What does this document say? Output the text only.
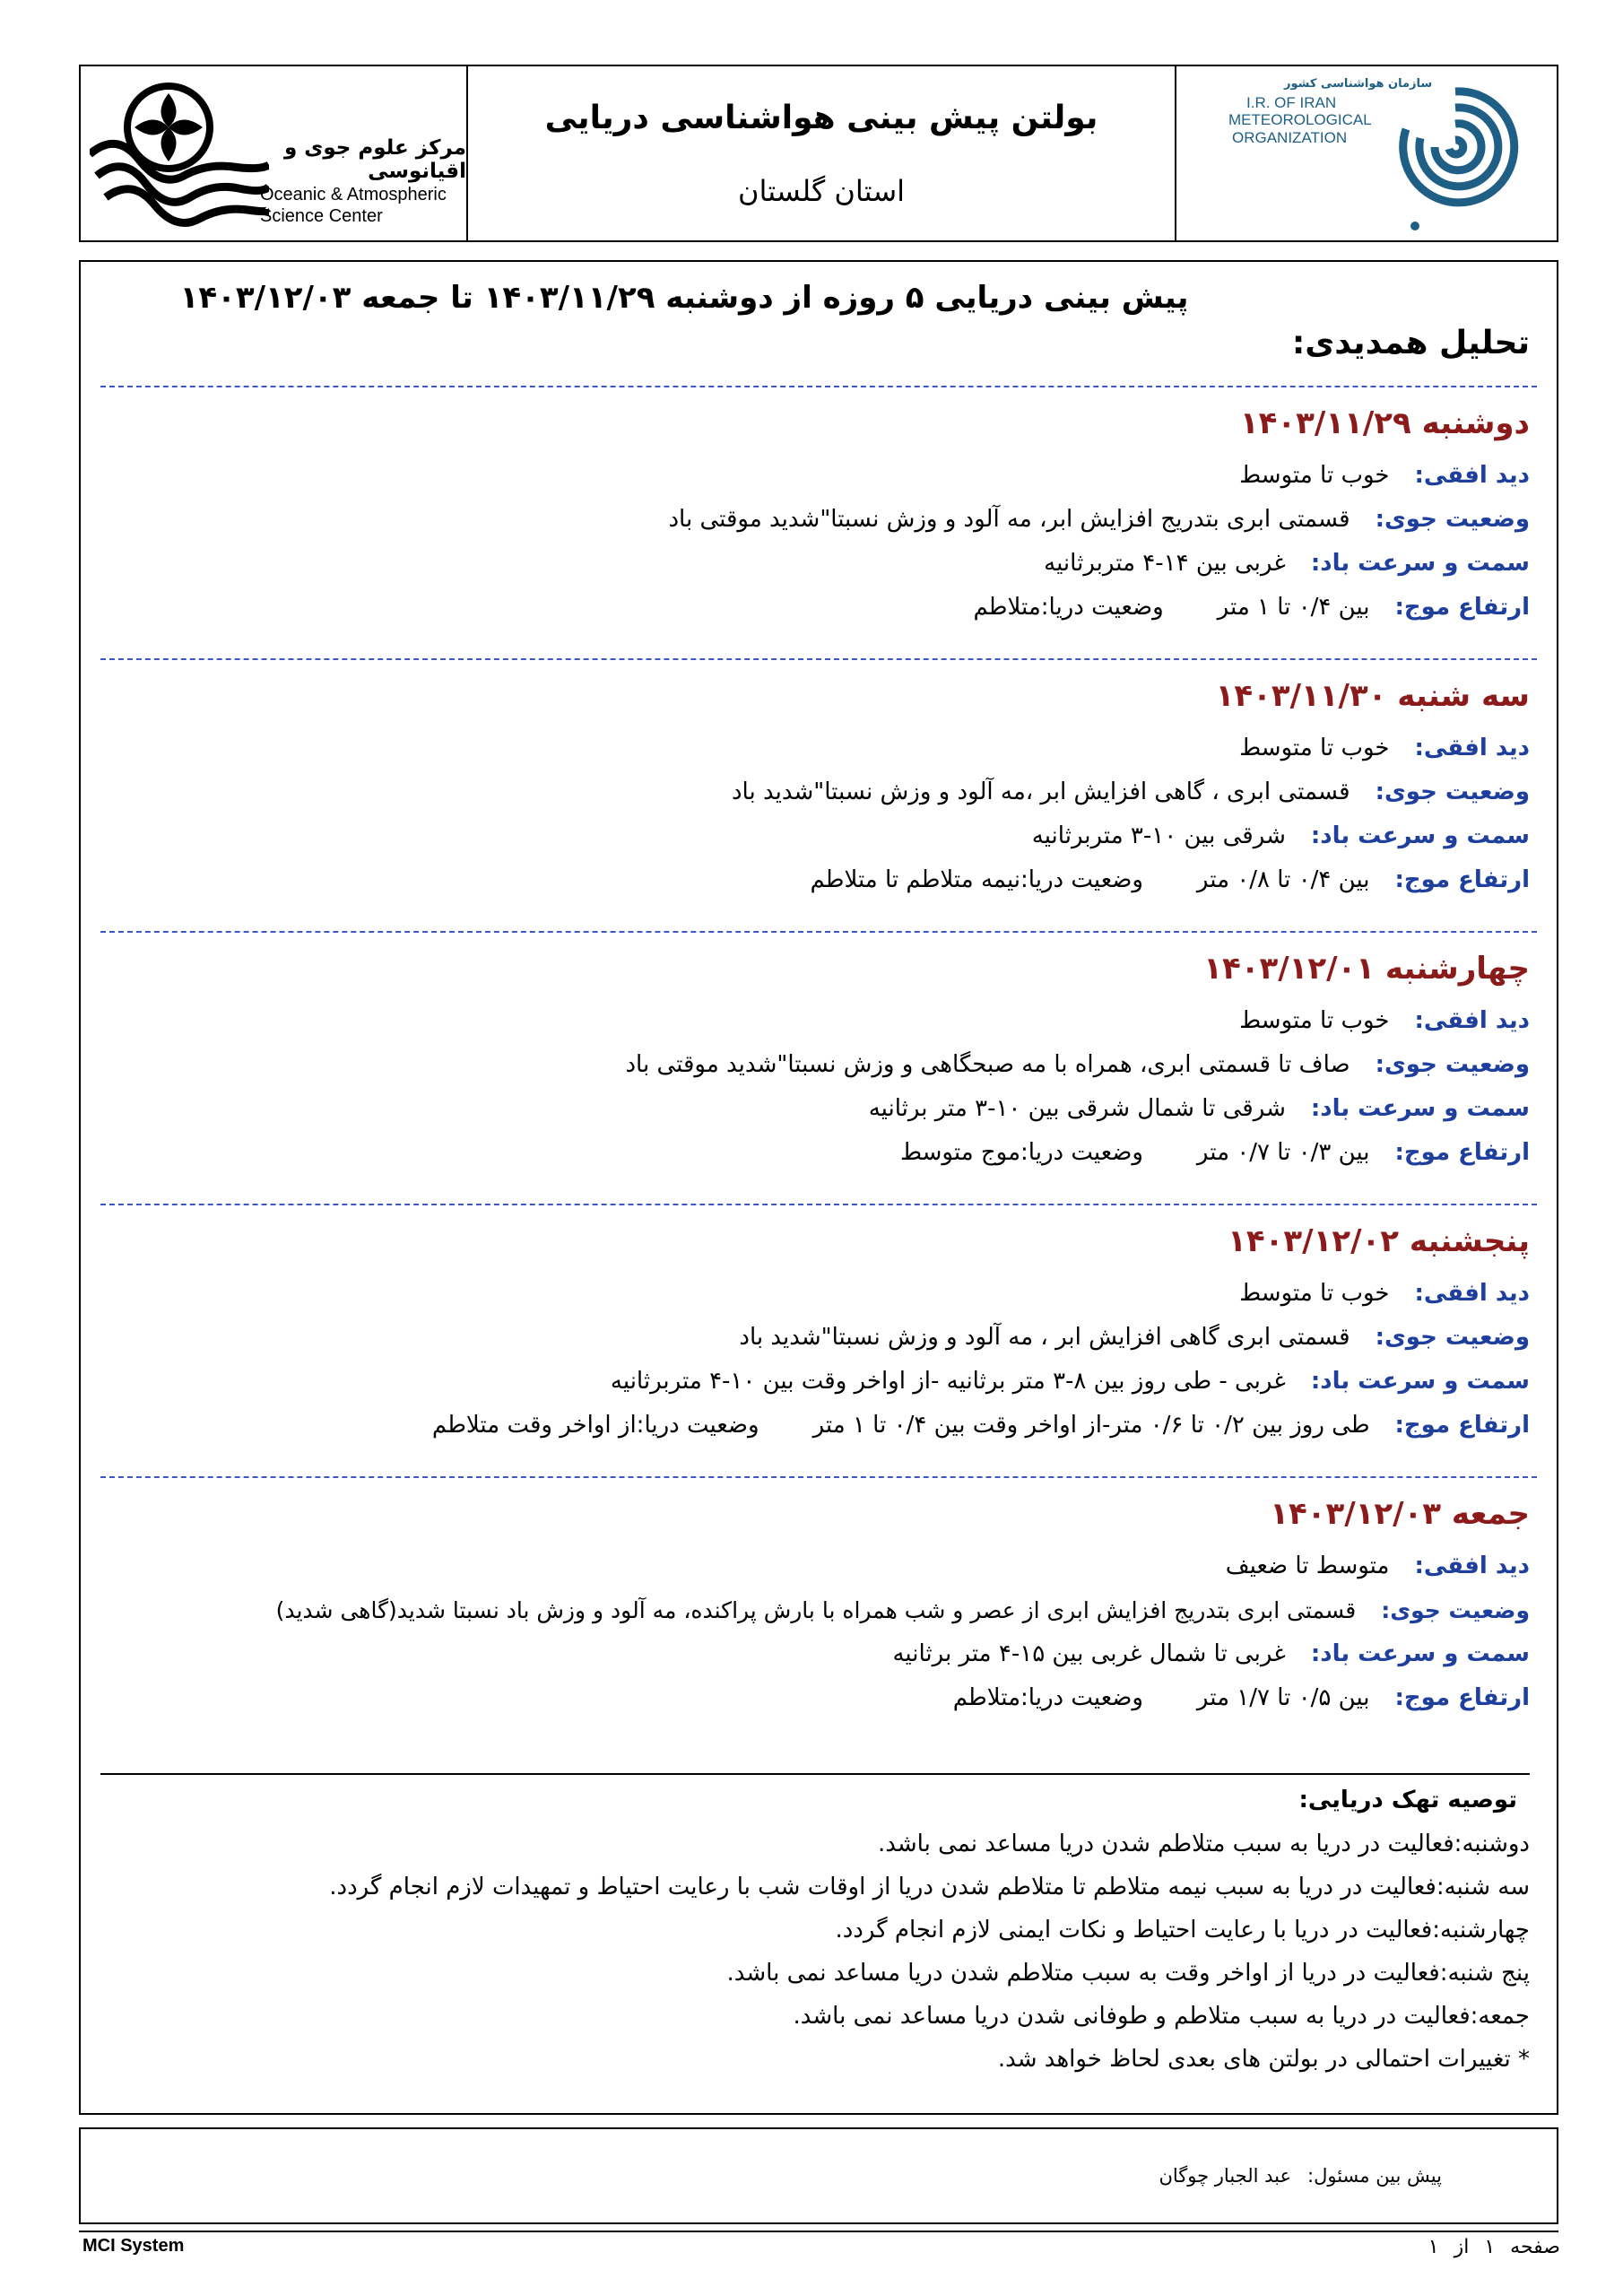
مرکز علوم جوی و اقیانوسی
Oceanic & Atmospheric
Science Center
بولتن پیش بینی هواشناسی دریایی
استان گلستان
سازمان هواشناسی کشور
I.R. OF IRAN
METEOROLOGICAL
ORGANIZATION
پیش بینی دریایی ۵ روزه از دوشنبه ۱۴۰۳/۱۱/۲۹ تا جمعه ۱۴۰۳/۱۲/۰۳
تحلیل همدیدی:
دوشنبه ۱۴۰۳/۱۱/۲۹
دید افقی:خوب تا متوسط
وضعیت جوی:قسمتی ابری بتدریج افزایش ابر، مه آلود و وزش نسبتا"شدید موقتی باد
سمت و سرعت باد:غربی بین ۱۴-۴ متربرثانیه
ارتفاع موج:بین ۰/۴ تا ۱ متروضعیت دریا:متلاطم
سه شنبه ۱۴۰۳/۱۱/۳۰
دید افقی:خوب تا متوسط
وضعیت جوی:قسمتی ابری ، گاهی افزایش ابر ،مه آلود و وزش نسبتا"شدید باد
سمت و سرعت باد:شرقی بین ۱۰-۳ متربرثانیه
ارتفاع موج:بین ۰/۴ تا ۰/۸ متروضعیت دریا:نیمه متلاطم تا متلاطم
چهارشنبه ۱۴۰۳/۱۲/۰۱
دید افقی:خوب تا متوسط
وضعیت جوی:صاف تا قسمتی ابری، همراه با مه صبحگاهی و وزش نسبتا"شدید موقتی باد
سمت و سرعت باد:شرقی تا شمال شرقی بین ۱۰-۳ متر برثانیه
ارتفاع موج:بین ۰/۳ تا ۰/۷ متروضعیت دریا:موج متوسط
پنجشنبه ۱۴۰۳/۱۲/۰۲
دید افقی:خوب تا متوسط
وضعیت جوی:قسمتی ابری گاهی افزایش ابر ، مه آلود و وزش نسبتا"شدید باد
سمت و سرعت باد:غربی - طی روز بین ۸-۳ متر برثانیه -از اواخر وقت بین ۱۰-۴ متربرثانیه
ارتفاع موج:طی روز بین ۰/۲ تا ۰/۶ متر-از اواخر وقت بین ۰/۴ تا ۱ متروضعیت دریا:از اواخر وقت متلاطم
جمعه ۱۴۰۳/۱۲/۰۳
دید افقی:متوسط تا ضعیف
وضعیت جوی:قسمتی ابری بتدریج افزایش ابری از عصر و شب همراه با بارش پراکنده، مه آلود و وزش باد نسبتا شدید(گاهی شدید)
سمت و سرعت باد:غربی تا شمال غربی بین ۱۵-۴ متر برثانیه
ارتفاع موج:بین ۰/۵ تا ۱/۷ متروضعیت دریا:متلاطم
توصیه تهک دریایی:
دوشنبه:فعالیت در دریا به سبب متلاطم شدن دریا مساعد نمی باشد.
سه شنبه:فعالیت در دریا به سبب نیمه متلاطم تا متلاطم شدن دریا از اوقات شب با رعایت احتیاط و تمهیدات لازم انجام گردد.
چهارشنبه:فعالیت در دریا با رعایت احتیاط و نکات ایمنی لازم انجام گردد.
پنج شنبه:فعالیت در دریا از اواخر وقت به سبب متلاطم شدن دریا مساعد نمی باشد.
جمعه:فعالیت در دریا به سبب متلاطم و طوفانی شدن دریا مساعد نمی باشد.
* تغییرات احتمالی در بولتن های بعدی لحاظ خواهد شد.
پیش بین مسئول:عبد الجبار چوگان
MCI System	صفحه ۱ از ۱
